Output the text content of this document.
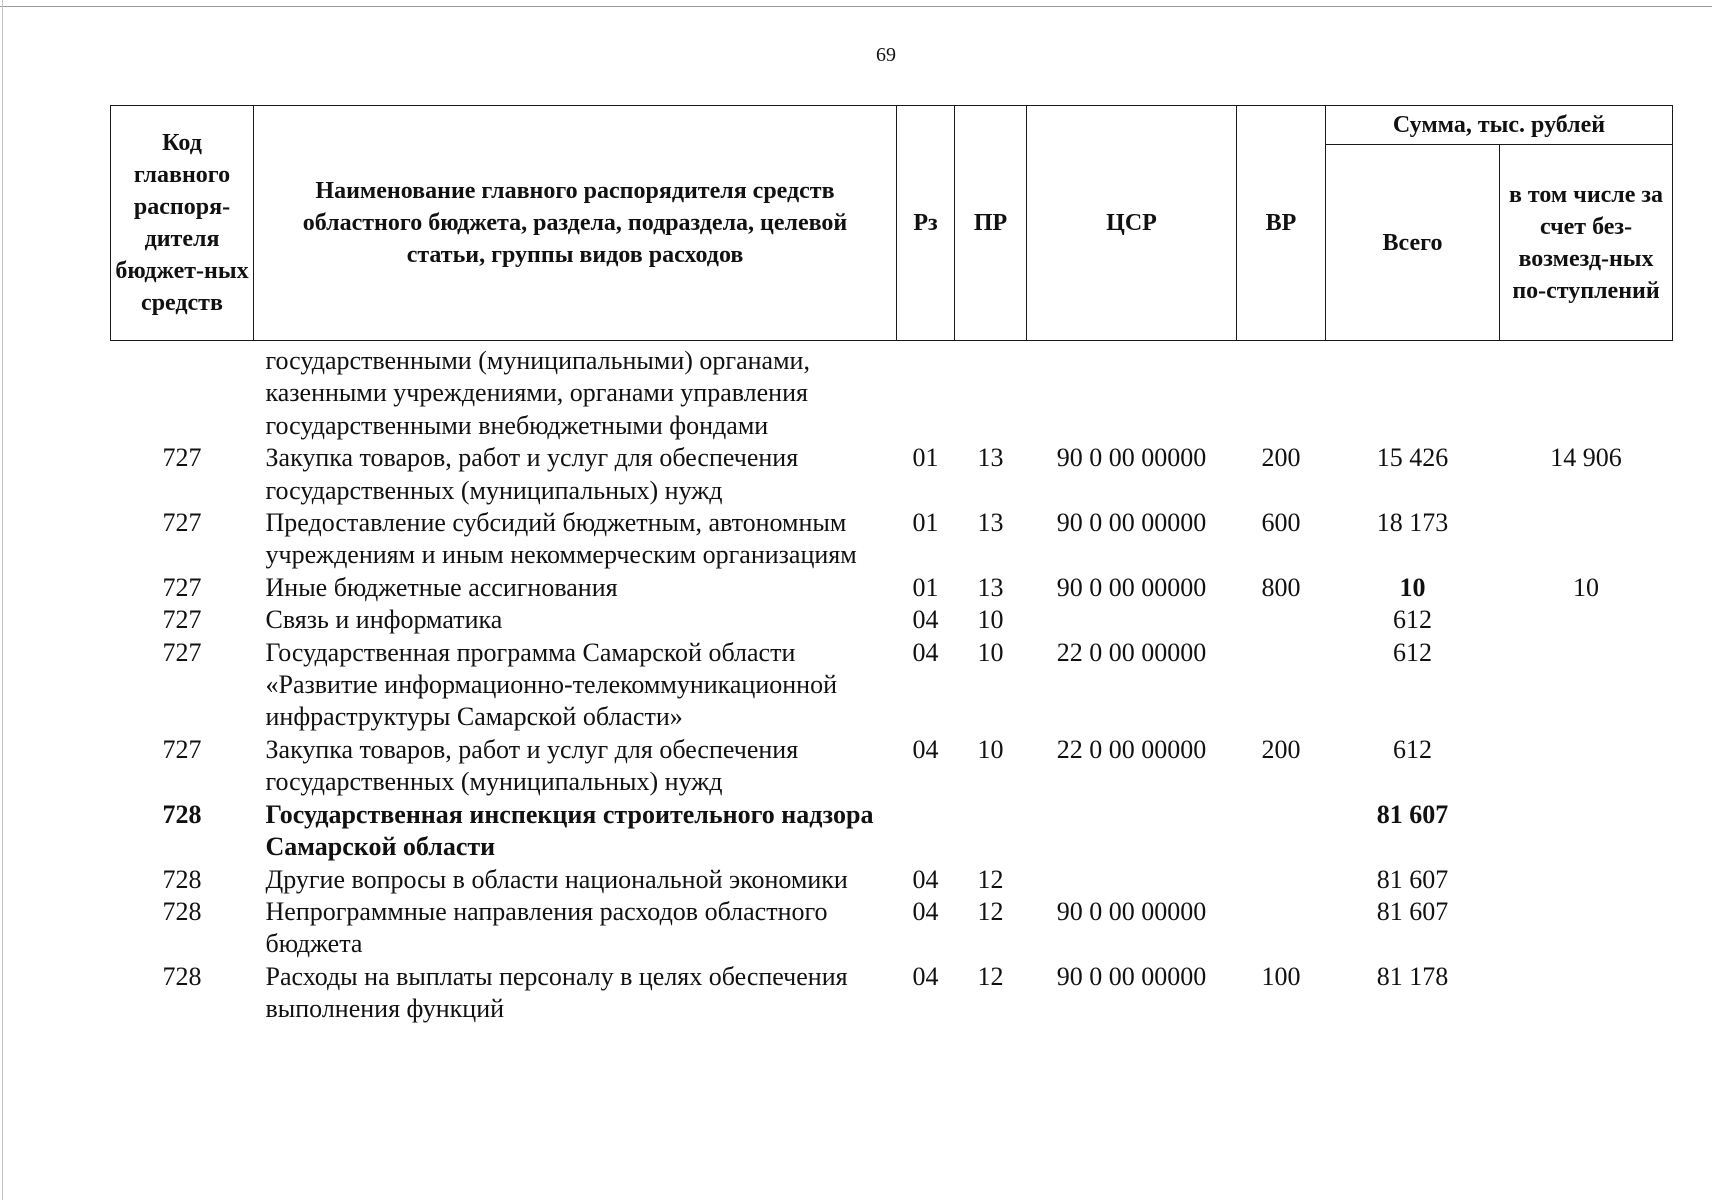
69
Код главного распоря-дителя бюджет-ных средств	Наименование главного распорядителя средств областного бюджета, раздела, подраздела, целевой статьи, группы видов расходов	Рз	ПР	ЦСР	ВР	Сумма, тыс. рублей	
						Всего	в том числе за счет без-возмезд-ных по-ступлений
	государственными (муниципальными) органами, казенными учреждениями, органами управления государственными внебюджетными фондами						
727	Закупка товаров, работ и услуг для обеспечения государственных (муниципальных) нужд	01	13	90 0 00 00000	200	15 426	14 906
727	Предоставление субсидий бюджетным, автономным учреждениям и иным некоммерческим организациям	01	13	90 0 00 00000	600	18 173	
727	Иные бюджетные ассигнования	01	13	90 0 00 00000	800	10	10
727	Связь и информатика	04	10			612	
727	Государственная программа Самарской области «Развитие информационно-телекоммуникационной инфраструктуры Самарской области»	04	10	22 0 00 00000		612	
727	Закупка товаров, работ и услуг для обеспечения государственных (муниципальных) нужд	04	10	22 0 00 00000	200	612	
728	Государственная инспекция строительного надзора Самарской области					81 607	
728	Другие вопросы в области национальной экономики	04	12			81 607	
728	Непрограммные направления расходов областного бюджета	04	12	90 0 00 00000		81 607	
728	Расходы на выплаты персоналу в целях обеспечения выполнения функций	04	12	90 0 00 00000	100	81 178	
